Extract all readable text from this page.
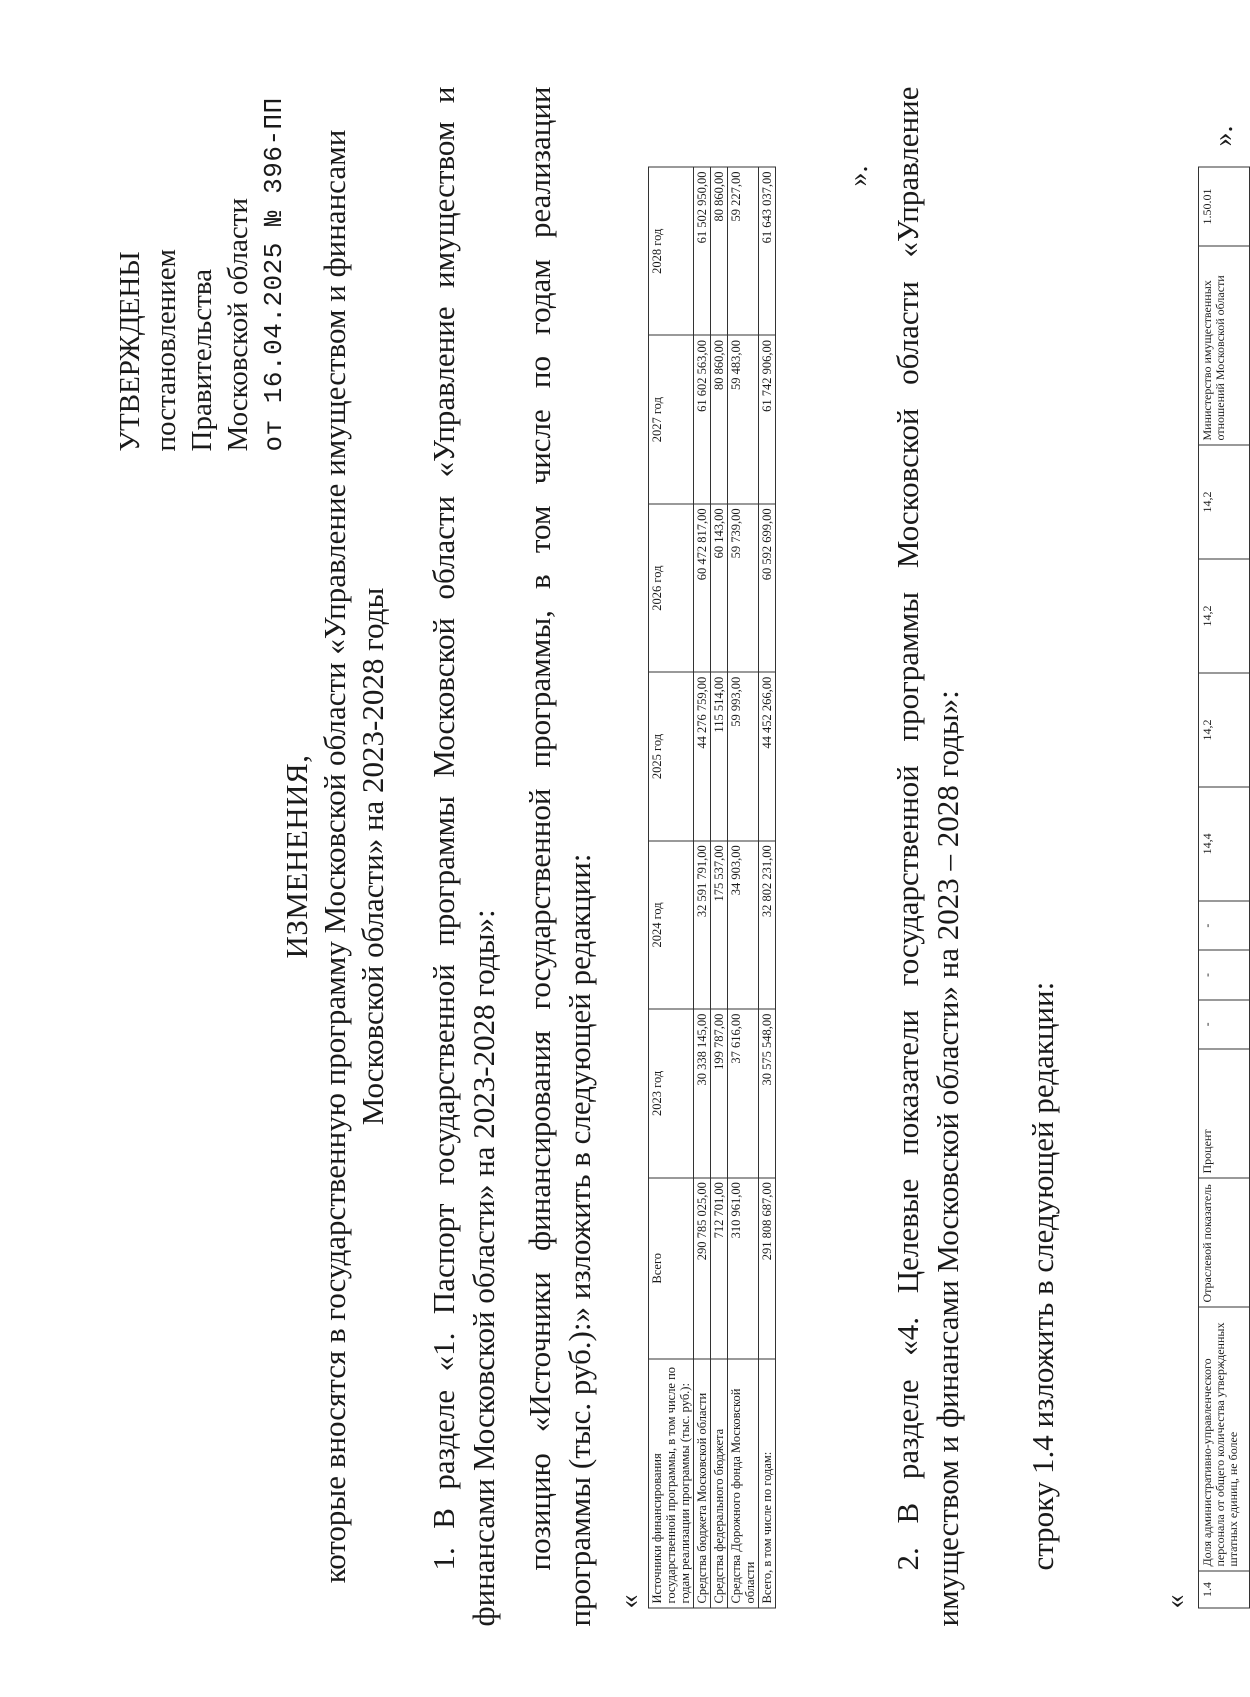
УТВЕРЖДЕНЫ постановлением Правительства Московской области от 16.04.2025 № 396-ПП
ИЗМЕНЕНИЯ, которые вносятся в государственную программу Московской области «Управление имуществом и финансами Московской области» на 2023-2028 годы 1. В разделе «1. Паспорт государственной программы Московской области «Управление имуществом и финансами Московской области» на 2023-2028 годы»: позицию «Источники финансирования государственной программы, в том числе по годам реализации программы (тыс. руб.):» изложить в следующей редакции: « Источники финансирования государственной программы, в том числе по годам реализации программы (тыс. руб.):	Всего	2023 год	2024 год	2025 год	2026 год	2027 год	2028 год
Средства бюджета Московской области	290 785 025,00	30 338 145,00	32 591 791,00	44 276 759,00	60 472 817,00	61 602 563,00	61 502 950,00
Средства федерального бюджета	712 701,00	199 787,00	175 537,00	115 514,00	60 143,00	80 860,00	80 860,00
Средства Дорожного фонда Московской области	310 961,00	37 616,00	34 903,00	59 993,00	59 739,00	59 483,00	59 227,00
Всего, в том числе по годам:	291 808 687,00	30 575 548,00	32 802 231,00	44 452 266,00	60 592 699,00	61 742 906,00	61 643 037,00 ». 2. В разделе «4. Целевые показатели государственной программы Московской области «Управление имуществом и финансами Московской области» на 2023 – 2028 годы»: строку 1.4 изложить в следующей редакции:
«
1.4	Доля административно-управленческого персонала от общего количества утвержденных штатных единиц, не более	Отраслевой показатель	Процент	-	-	-	14,4	14,2	14,2	14,2	Министерство имущественных отношений Московской области	1.50.01
».
